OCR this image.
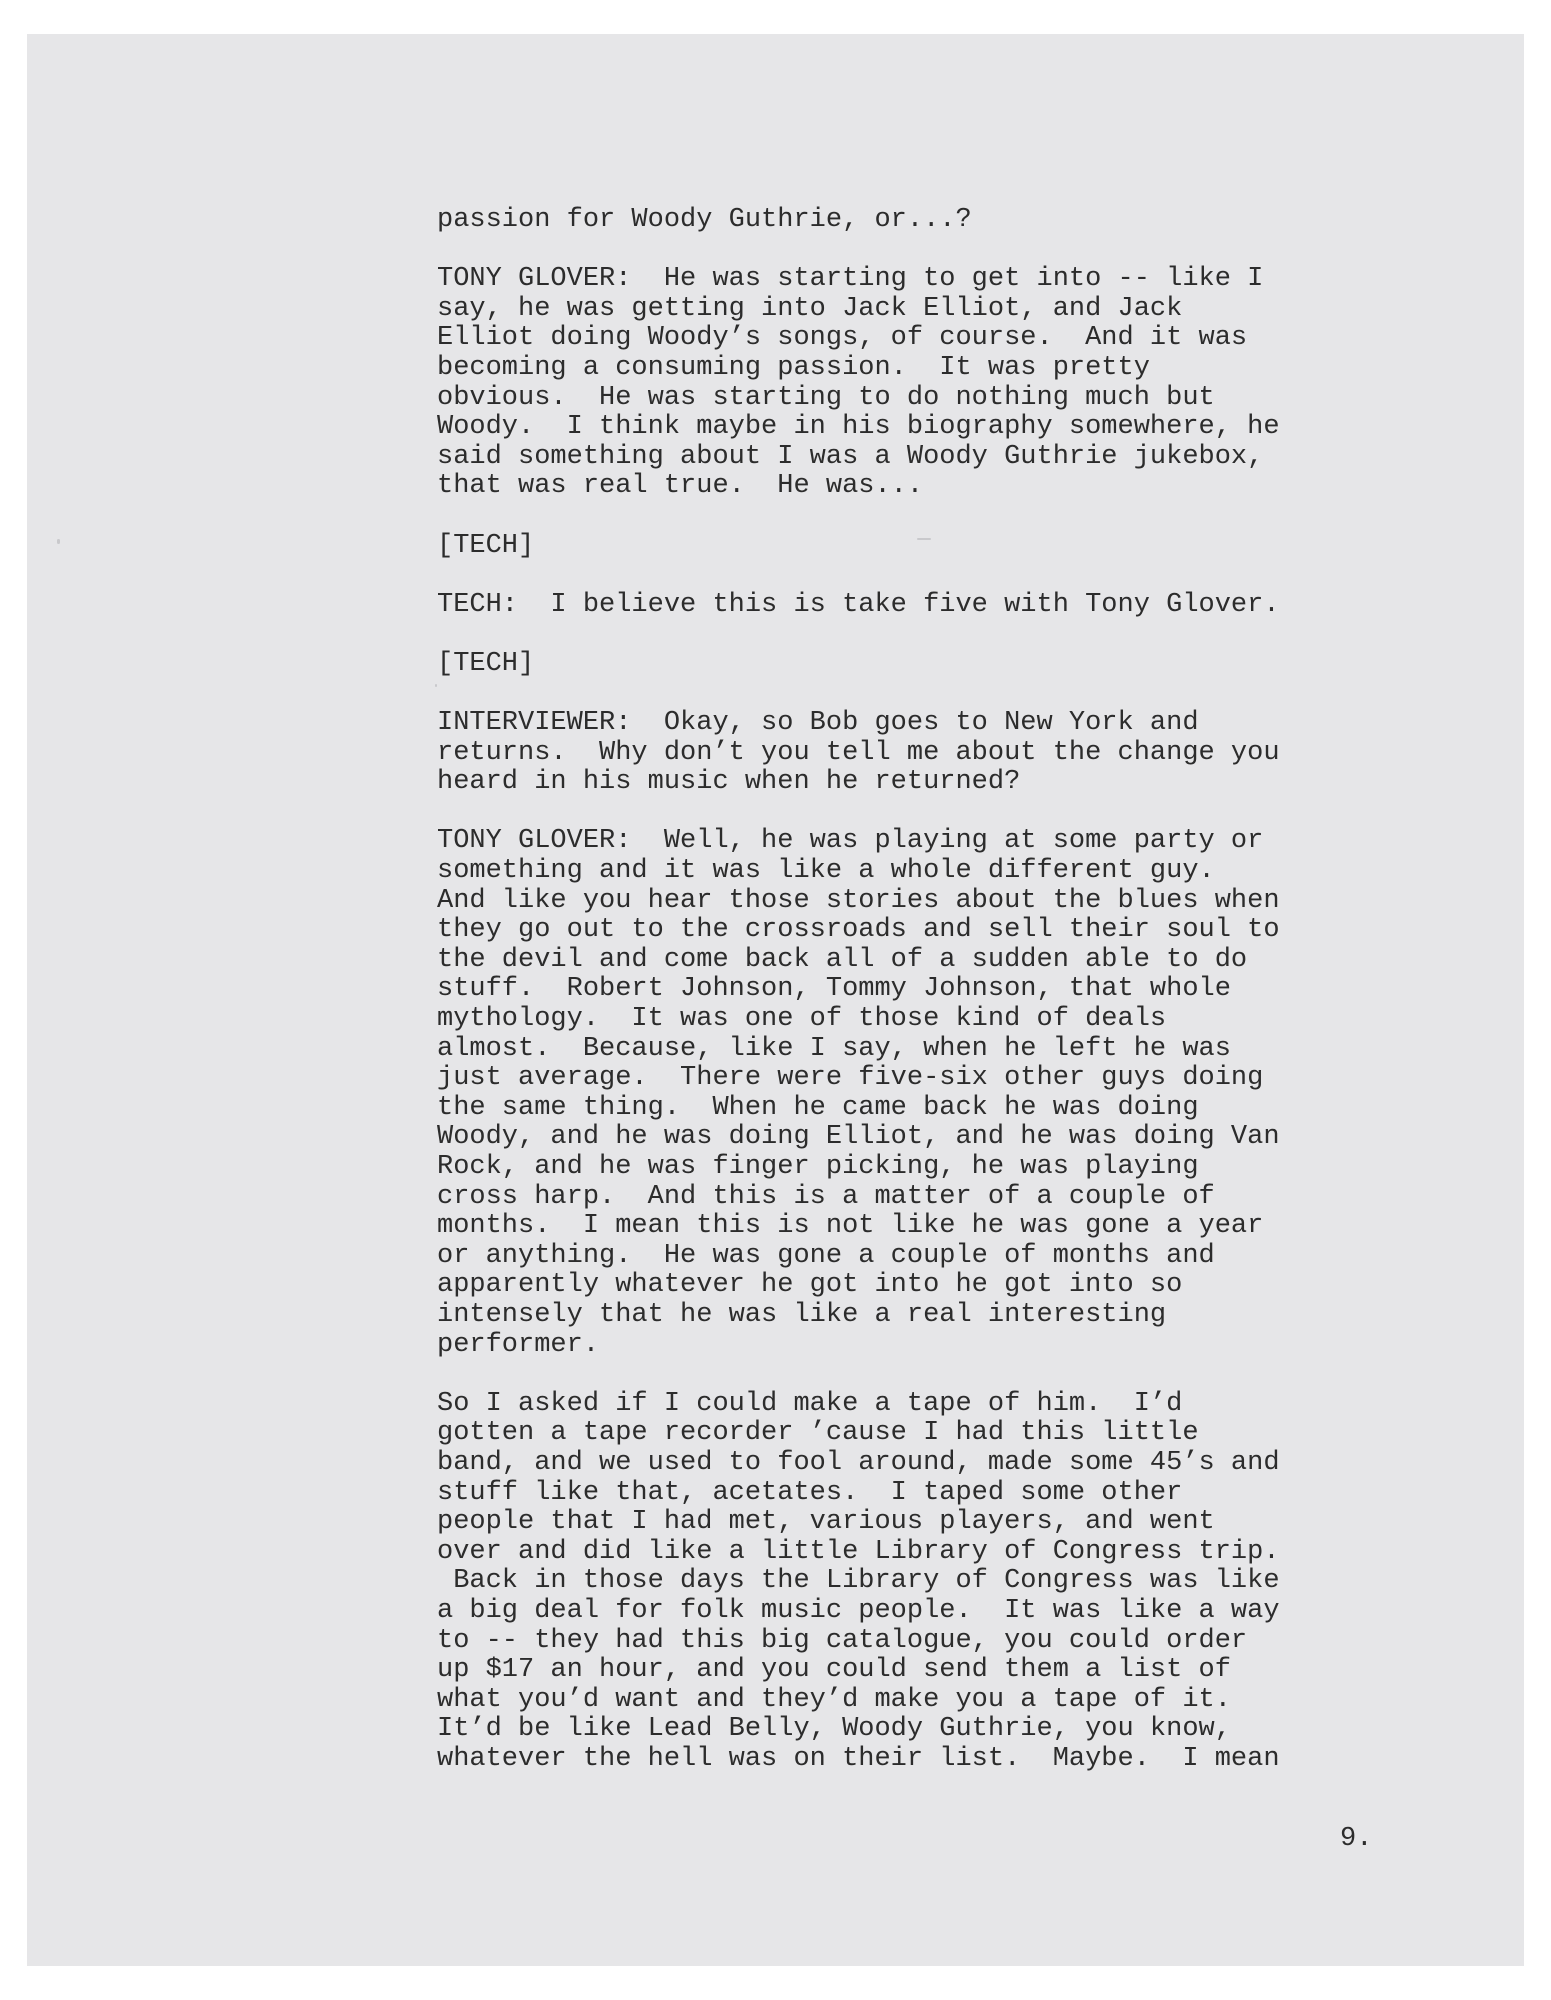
passion for Woody Guthrie, or...?
TONY GLOVER:  He was starting to get into -- like I
say, he was getting into Jack Elliot, and Jack
Elliot doing Woody’s songs, of course.  And it was
becoming a consuming passion.  It was pretty
obvious.  He was starting to do nothing much but
Woody.  I think maybe in his biography somewhere, he
said something about I was a Woody Guthrie jukebox,
that was real true.  He was...
[TECH]
TECH:  I believe this is take five with Tony Glover.
[TECH]
INTERVIEWER:  Okay, so Bob goes to New York and
returns.  Why don’t you tell me about the change you
heard in his music when he returned?
TONY GLOVER:  Well, he was playing at some party or
something and it was like a whole different guy.
And like you hear those stories about the blues when
they go out to the crossroads and sell their soul to
the devil and come back all of a sudden able to do
stuff.  Robert Johnson, Tommy Johnson, that whole
mythology.  It was one of those kind of deals
almost.  Because, like I say, when he left he was
just average.  There were five-six other guys doing
the same thing.  When he came back he was doing
Woody, and he was doing Elliot, and he was doing Van
Rock, and he was finger picking, he was playing
cross harp.  And this is a matter of a couple of
months.  I mean this is not like he was gone a year
or anything.  He was gone a couple of months and
apparently whatever he got into he got into so
intensely that he was like a real interesting
performer.
So I asked if I could make a tape of him.  I’d
gotten a tape recorder ’cause I had this little
band, and we used to fool around, made some 45’s and
stuff like that, acetates.  I taped some other
people that I had met, various players, and went
over and did like a little Library of Congress trip.
Back in those days the Library of Congress was like
a big deal for folk music people.  It was like a way
to -- they had this big catalogue, you could order
up $17 an hour, and you could send them a list of
what you’d want and they’d make you a tape of it.
It’d be like Lead Belly, Woody Guthrie, you know,
whatever the hell was on their list.  Maybe.  I mean
9.
